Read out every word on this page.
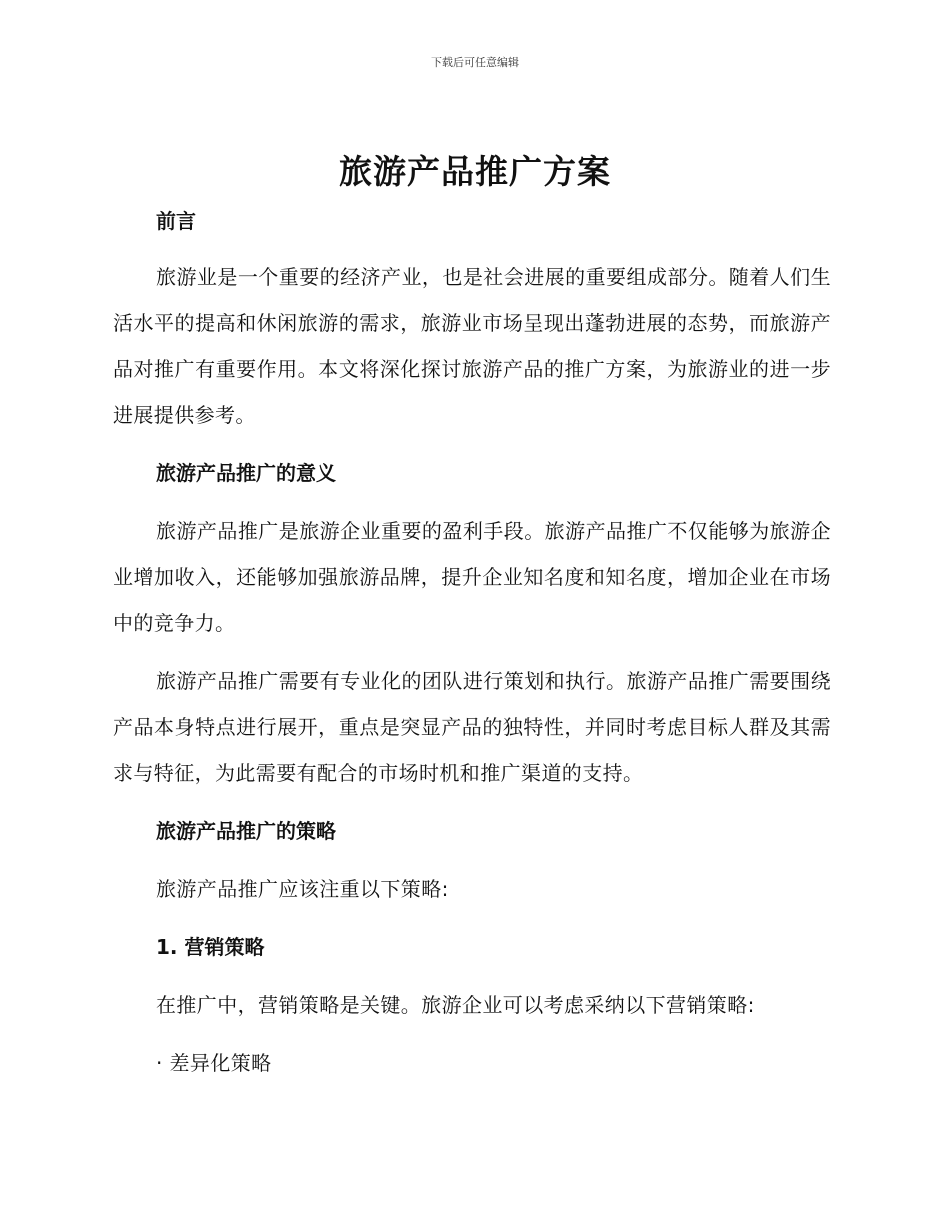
下载后可任意编辑
旅游产品推广方案

前言

旅游业是一个重要的经济产业，也是社会进展的重要组成部分。随着人们生活水平的提高和休闲旅游的需求，旅游业市场呈现出蓬勃进展的态势，而旅游产品对推广有重要作用。本文将深化探讨旅游产品的推广方案，为旅游业的进一步进展提供参考。

旅游产品推广的意义

旅游产品推广是旅游企业重要的盈利手段。旅游产品推广不仅能够为旅游企业增加收入，还能够加强旅游品牌，提升企业知名度和知名度，增加企业在市场中的竞争力。

旅游产品推广需要有专业化的团队进行策划和执行。旅游产品推广需要围绕产品本身特点进行展开，重点是突显产品的独特性，并同时考虑目标人群及其需求与特征，为此需要有配合的市场时机和推广渠道的支持。

旅游产品推广的策略

旅游产品推广应该注重以下策略:

1. 营销策略

在推广中，营销策略是关键。旅游企业可以考虑采纳以下营销策略:

· 差异化策略
